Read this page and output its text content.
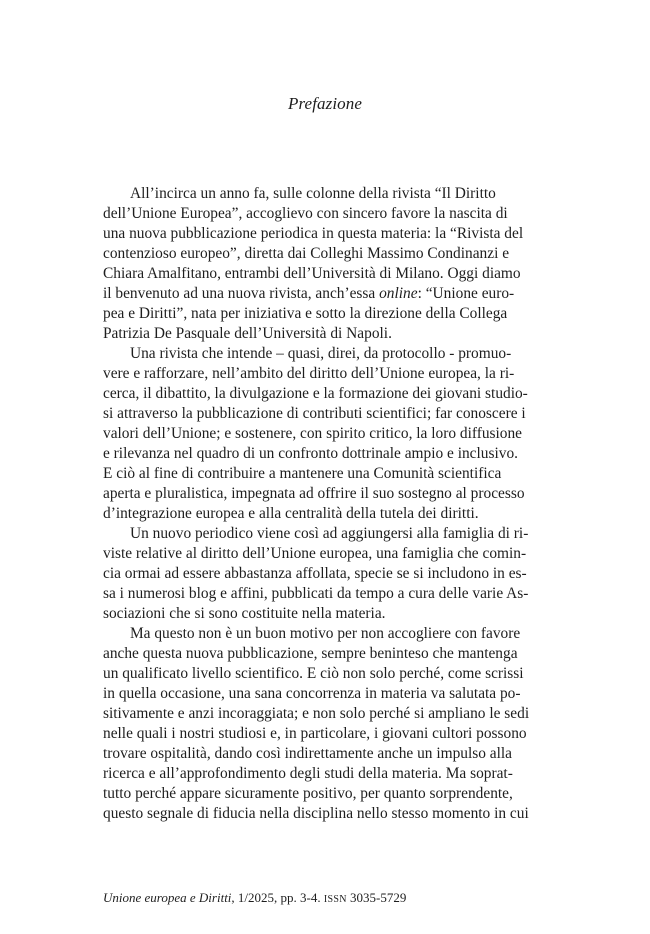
Prefazione

All’incirca un anno fa, sulle colonne della rivista “Il Diritto
dell’Unione Europea”, accoglievo con sincero favore la nascita di
una nuova pubblicazione periodica in questa materia: la “Rivista del
contenzioso europeo”, diretta dai Colleghi Massimo Condinanzi e
Chiara Amalfitano, entrambi dell’Università di Milano. Oggi diamo
il benvenuto ad una nuova rivista, anch’essa online: “Unione euro-
pea e Diritti”, nata per iniziativa e sotto la direzione della Collega
Patrizia De Pasquale dell’Università di Napoli.

Una rivista che intende – quasi, direi, da protocollo - promuo-
vere e rafforzare, nell’ambito del diritto dell’Unione europea, la ri-
cerca, il dibattito, la divulgazione e la formazione dei giovani studio-
si attraverso la pubblicazione di contributi scientifici; far conoscere i
valori dell’Unione; e sostenere, con spirito critico, la loro diffusione
e rilevanza nel quadro di un confronto dottrinale ampio e inclusivo.
E ciò al fine di contribuire a mantenere una Comunità scientifica
aperta e pluralistica, impegnata ad offrire il suo sostegno al processo
d’integrazione europea e alla centralità della tutela dei diritti.

Un nuovo periodico viene così ad aggiungersi alla famiglia di ri-
viste relative al diritto dell’Unione europea, una famiglia che comin-
cia ormai ad essere abbastanza affollata, specie se si includono in es-
sa i numerosi blog e affini, pubblicati da tempo a cura delle varie As-
sociazioni che si sono costituite nella materia.

Ma questo non è un buon motivo per non accogliere con favore
anche questa nuova pubblicazione, sempre beninteso che mantenga
un qualificato livello scientifico. E ciò non solo perché, come scrissi
in quella occasione, una sana concorrenza in materia va salutata po-
sitivamente e anzi incoraggiata; e non solo perché si ampliano le sedi
nelle quali i nostri studiosi e, in particolare, i giovani cultori possono
trovare ospitalità, dando così indirettamente anche un impulso alla
ricerca e all’approfondimento degli studi della materia. Ma soprat-
tutto perché appare sicuramente positivo, per quanto sorprendente,
questo segnale di fiducia nella disciplina nello stesso momento in cui

Unione europea e Diritti, 1/2025, pp. 3-4. ISSN 3035-5729
